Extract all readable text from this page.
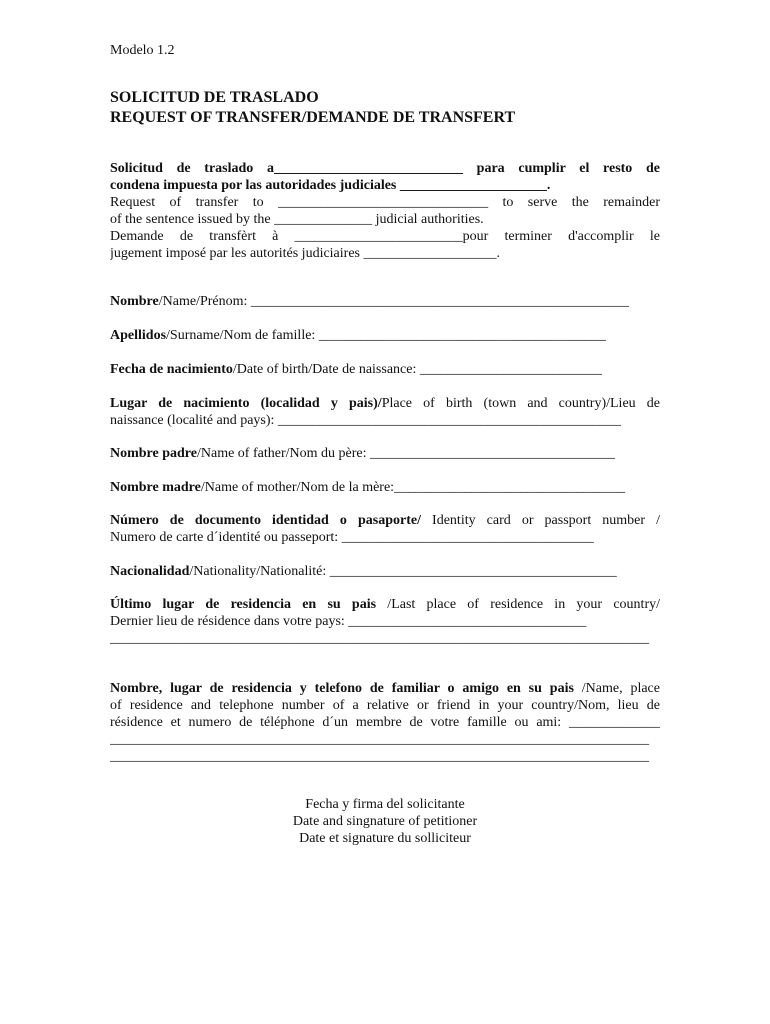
Modelo 1.2
SOLICITUD DE TRASLADO
REQUEST OF TRANSFER/DEMANDE DE TRANSFERT
Solicitud de traslado a___________________________ para cumplir el resto de
condena impuesta por las autoridades judiciales _____________________.
Request of transfer to ______________________________ to serve the remainder
of the sentence issued by the ______________ judicial authorities.
Demande de transfèrt à ________________________pour terminer d'accomplir le
jugement imposé par les autorités judiciaires ___________________.
Nombre/Name/Prénom: ______________________________________________________
Apellidos/Surname/Nom de famille: _________________________________________
Fecha de nacimiento/Date of birth/Date de naissance: __________________________
Lugar de nacimiento (localidad y pais)/Place of birth (town and country)/Lieu de
naissance (localité and pays): _________________________________________________
Nombre padre/Name of father/Nom du père: ___________________________________
Nombre madre/Name of mother/Nom de la mère:_________________________________
Número de documento identidad o pasaporte/ Identity card or passport number /
Numero de carte d´identité ou passeport: ____________________________________
Nacionalidad/Nationality/Nationalité: _________________________________________
Último lugar de residencia en su pais /Last place of residence in your country/
Dernier lieu de résidence dans votre pays: __________________________________
_____________________________________________________________________________
Nombre, lugar de residencia y telefono de familiar o amigo en su pais /Name, place
of residence and telephone number of a relative or friend in your country/Nom, lieu de
résidence et numero de téléphone d´un membre de votre famille ou ami: _____________
_____________________________________________________________________________
_____________________________________________________________________________
Fecha y firma del solicitante
Date and singnature of petitioner
Date et signature du solliciteur
